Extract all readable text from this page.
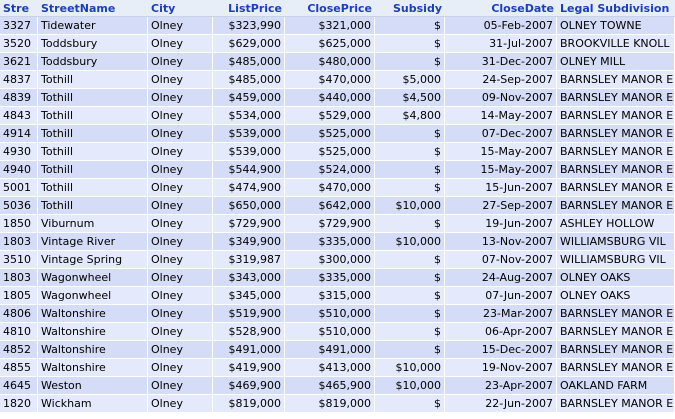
Stre	StreetName	City	ListPrice	ClosePrice	Subsidy	CloseDate	Legal Subdivision
3327	Tidewater	Olney	$323,990	$321,000	$	05-Feb-2007	OLNEY TOWNE
3520	Toddsbury	Olney	$629,000	$625,000	$	31-Jul-2007	BROOKVILLE KNOLL
3621	Toddsbury	Olney	$485,000	$480,000	$	31-Dec-2007	OLNEY MILL
4837	Tothill	Olney	$485,000	$470,000	$5,000	24-Sep-2007	BARNSLEY MANOR E
4839	Tothill	Olney	$459,000	$440,000	$4,500	09-Nov-2007	BARNSLEY MANOR E
4843	Tothill	Olney	$534,000	$529,000	$4,800	14-May-2007	BARNSLEY MANOR E
4914	Tothill	Olney	$539,000	$525,000	$	07-Dec-2007	BARNSLEY MANOR E
4930	Tothill	Olney	$539,000	$525,000	$	15-May-2007	BARNSLEY MANOR E
4940	Tothill	Olney	$544,900	$524,000	$	15-May-2007	BARNSLEY MANOR E
5001	Tothill	Olney	$474,900	$470,000	$	15-Jun-2007	BARNSLEY MANOR E
5036	Tothill	Olney	$650,000	$642,000	$10,000	27-Sep-2007	BARNSLEY MANOR E
1850	Viburnum	Olney	$729,900	$729,900	$	19-Jun-2007	ASHLEY HOLLOW
1803	Vintage River	Olney	$349,900	$335,000	$10,000	13-Nov-2007	WILLIAMSBURG VIL
3510	Vintage Spring	Olney	$319,987	$300,000	$	07-Nov-2007	WILLIAMSBURG VIL
1803	Wagonwheel	Olney	$343,000	$335,000	$	24-Aug-2007	OLNEY OAKS
1805	Wagonwheel	Olney	$345,000	$315,000	$	07-Jun-2007	OLNEY OAKS
4806	Waltonshire	Olney	$519,900	$510,000	$	23-Mar-2007	BARNSLEY MANOR E
4810	Waltonshire	Olney	$528,900	$510,000	$	06-Apr-2007	BARNSLEY MANOR E
4852	Waltonshire	Olney	$491,000	$491,000	$	15-Dec-2007	BARNSLEY MANOR E
4855	Waltonshire	Olney	$419,900	$413,000	$10,000	19-Nov-2007	BARNSLEY MANOR E
4645	Weston	Olney	$469,900	$465,900	$10,000	23-Apr-2007	OAKLAND FARM
1820	Wickham	Olney	$819,000	$819,000	$	22-Jun-2007	BARNSLEY MANOR E
